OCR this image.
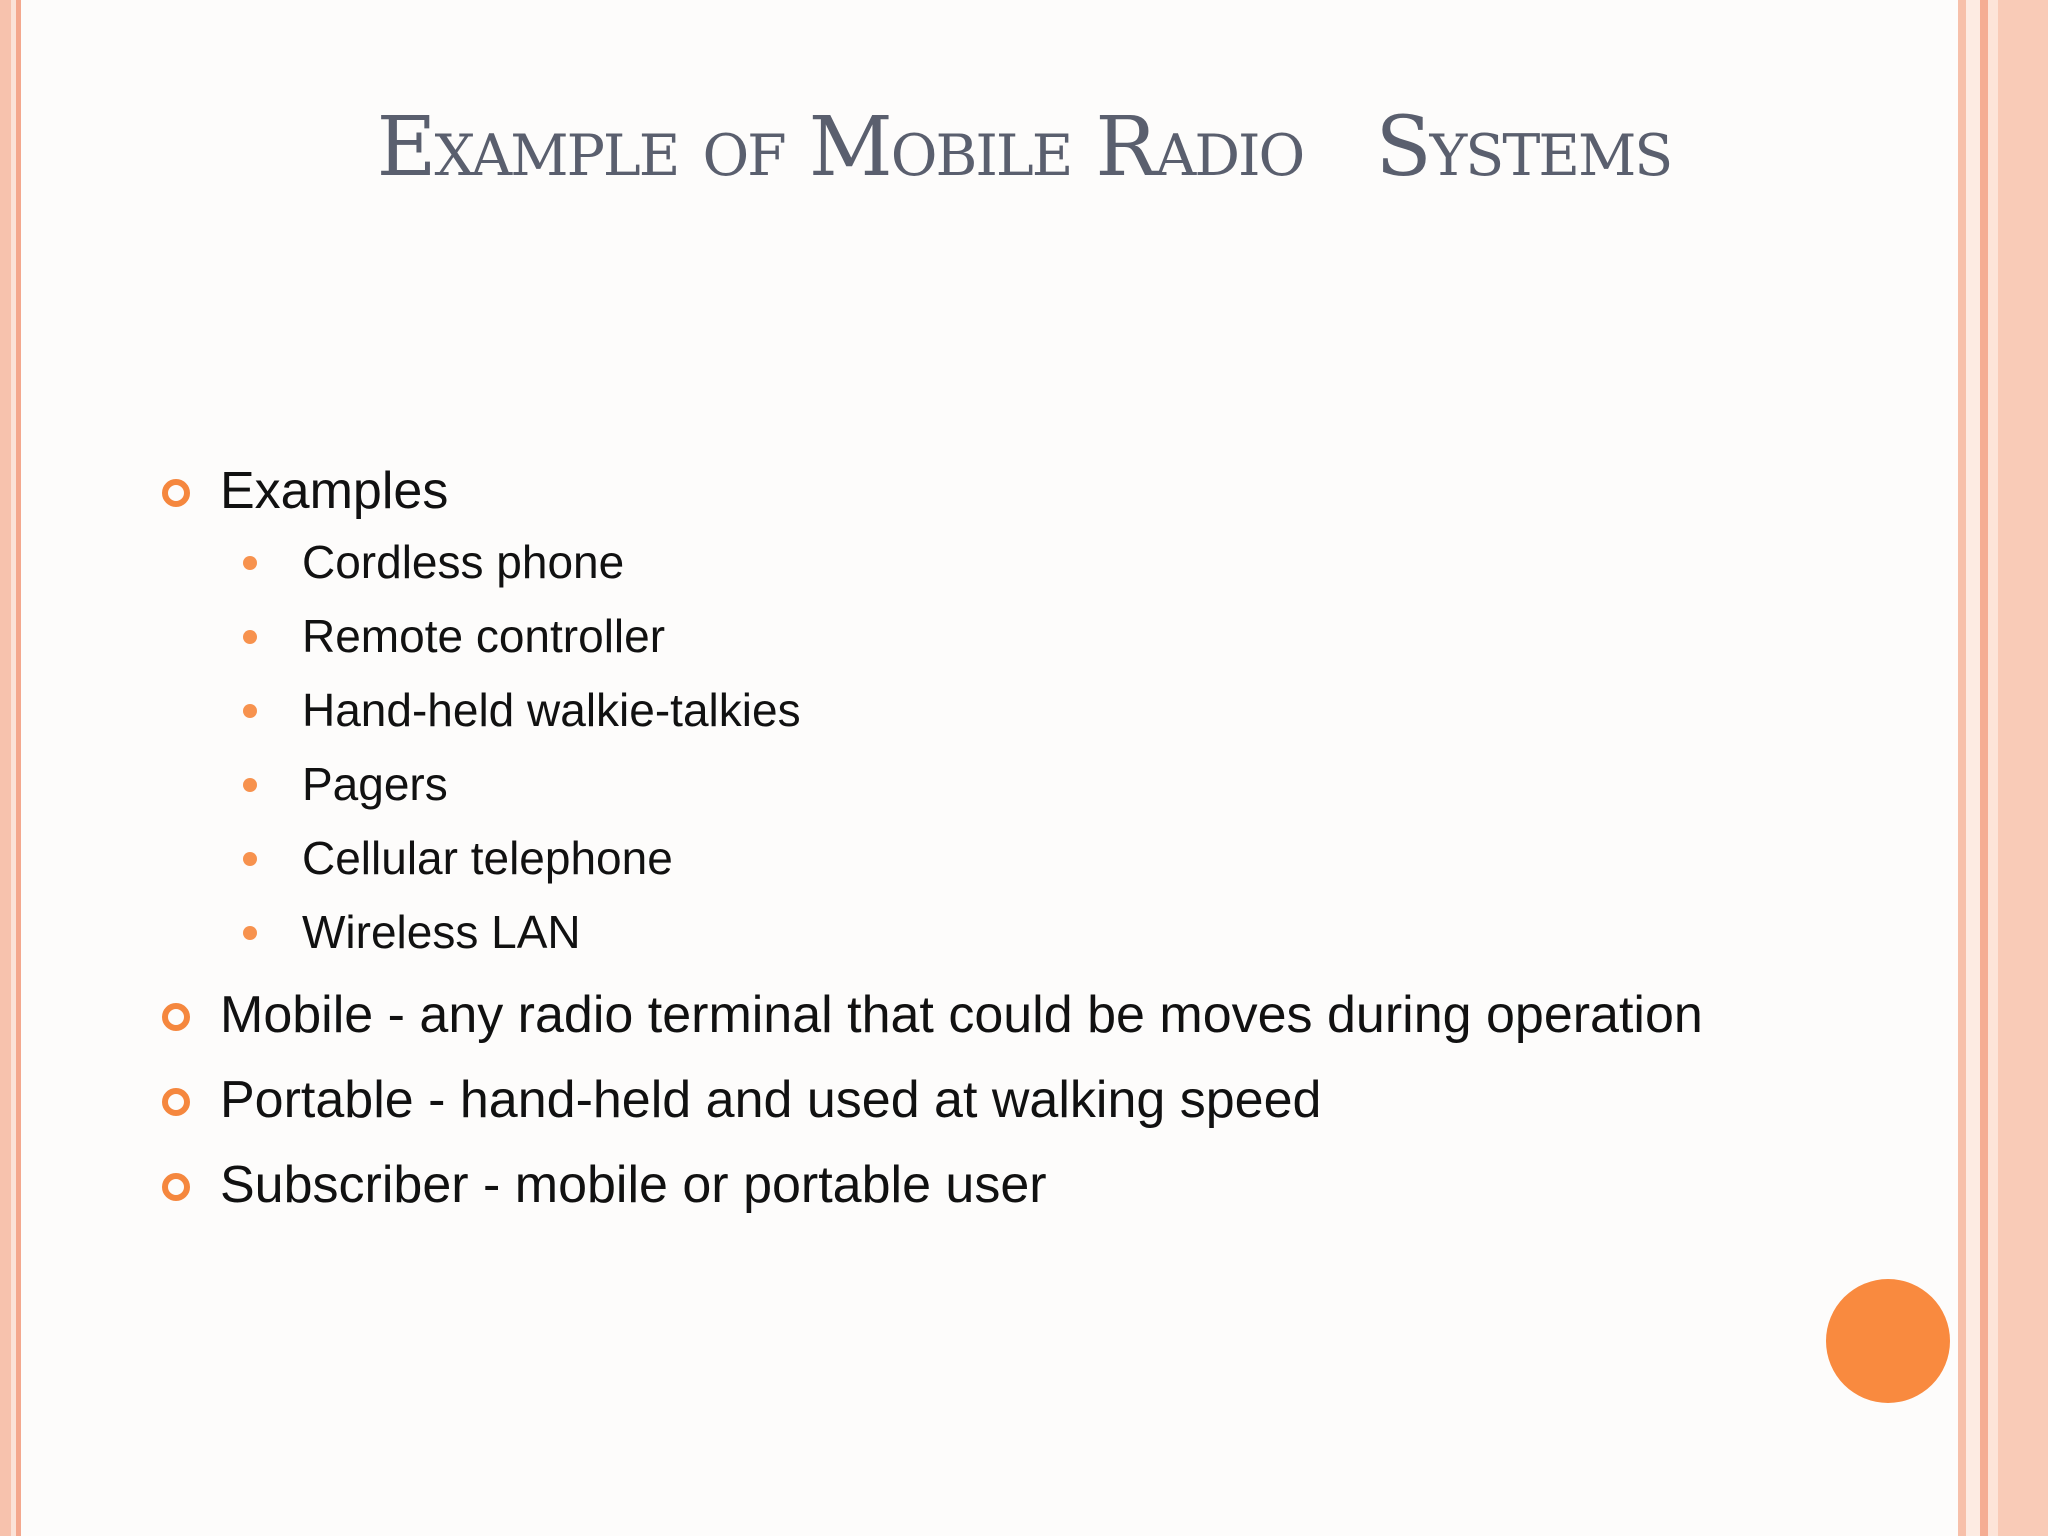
Example of Mobile Radio   Systems
Examples
Cordless phone
Remote controller
Hand-held walkie-talkies
Pagers
Cellular telephone
Wireless LAN
Mobile - any radio terminal that could be moves during operation
Portable - hand-held and used at walking speed
Subscriber - mobile or portable user
